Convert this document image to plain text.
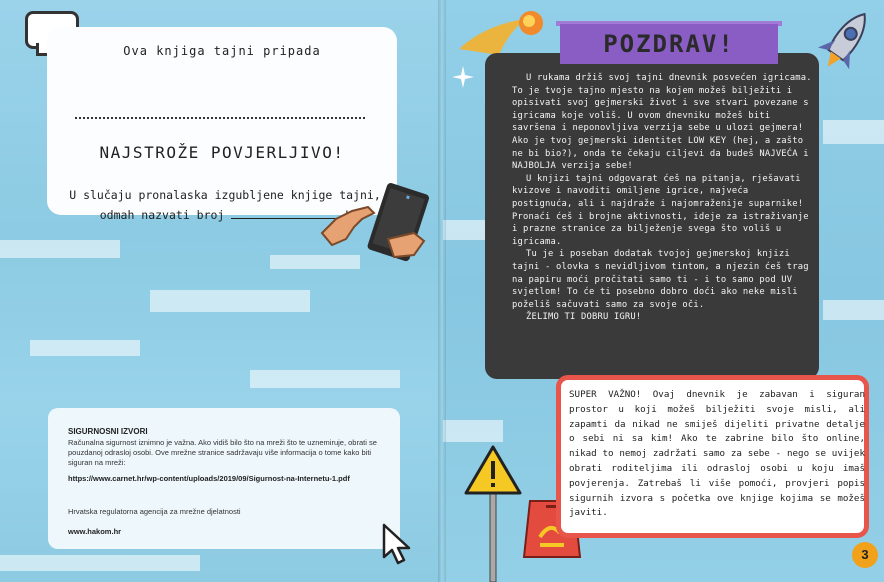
Ova knjiga tajni pripada
NAJSTROŽE POVJERLJIVO!
U slučaju pronalaska izgubljene knjige tajni,
odmah nazvati broj
SIGURNOSNI IZVORI
Računalna sigurnost iznimno je važna. Ako vidiš bilo što na mreži što te uznemiruje, obrati se pouzdanoj odrasloj osobi. Ove mrežne stranice sadržavaju više informacija o tome kako biti siguran na mreži:
https://www.carnet.hr/wp-content/uploads/2019/09/Sigurnost-na-Internetu-1.pdf
Hrvatska regulatorna agencija za mrežne djelatnosti
www.hakom.hr
POZDRAV!

U rukama držiš svoj tajni dnevnik posvećen igricama. To je tvoje tajno mjesto na kojem možeš bilježiti i opisivati svoj gejmerski život i sve stvari povezane s igricama koje voliš. U ovom dnevniku možeš biti savršena i neponovljiva verzija sebe u ulozi gejmera! Ako je tvoj gejmerski identitet LOW KEY (hej, a zašto ne bi bio?), onda te čekaju ciljevi da budeš NAJVEĆA i NAJBOLJA verzija sebe!

U knjizi tajni odgovarat ćeš na pitanja, rješavati kvizove i navoditi omiljene igrice, najveća postignuća, ali i najdraže i najomraženije suparnike! Pronaći ćeš i brojne aktivnosti, ideje za istraživanje i prazne stranice za bilježenje svega što voliš u igricama.

Tu je i poseban dodatak tvojoj gejmerskoj knjizi tajni - olovka s nevidljivom tintom, a njezin ćeš trag na papiru moći pročitati samo ti - i to samo pod UV svjetlom! To će ti posebno dobro doći ako neke misli poželiš sačuvati samo za svoje oči.

ŽELIMO TI DOBRU IGRU!

SUPER VAŽNO! Ovaj dnevnik je zabavan i siguran prostor u koji možeš bilježiti svoje misli, ali zapamti da nikad ne smiješ dijeliti privatne detalje o sebi ni sa kim! Ako te zabrine bilo što online, nikad to nemoj zadržati samo za sebe - nego se uvijek obrati roditeljima ili odrasloj osobi u koju imaš povjerenja. Zatrebaš li više pomoći, provjeri popis sigurnih izvora s početka ove knjige kojima se možeš javiti.
3
